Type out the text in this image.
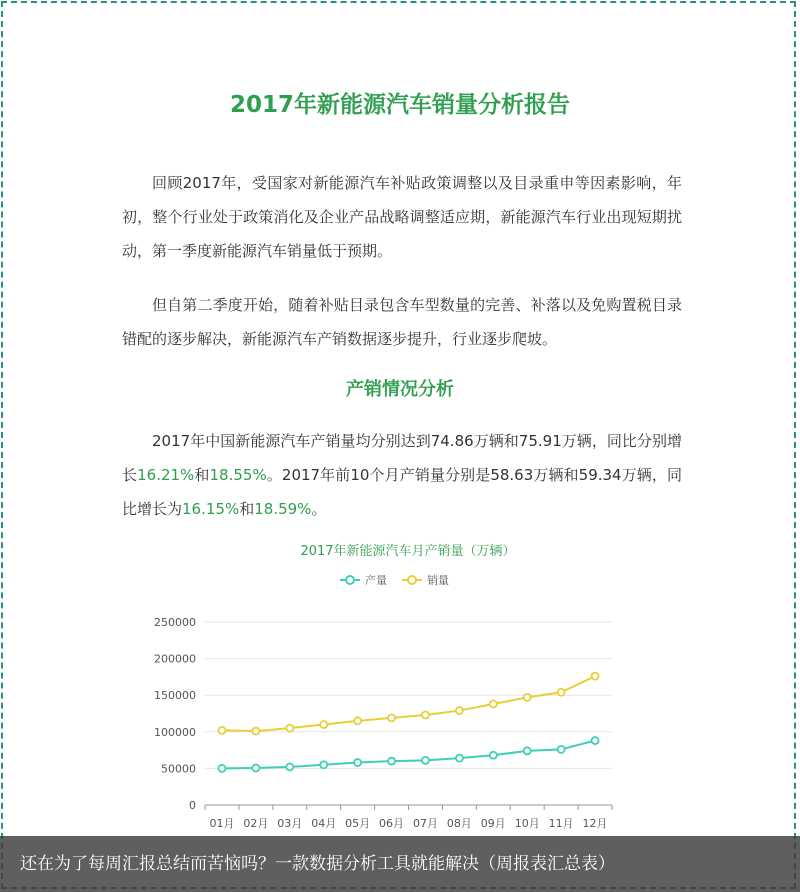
2017年新能源汽车销量分析报告

回顾2017年，受国家对新能源汽车补贴政策调整以及目录重申等因素影响，年初，整个行业处于政策消化及企业产品战略调整适应期，新能源汽车行业出现短期扰动，第一季度新能源汽车销量低于预期。

但自第二季度开始，随着补贴目录包含车型数量的完善、补落以及免购置税目录错配的逐步解决，新能源汽车产销数据逐步提升，行业逐步爬坡。

产销情况分析

2017年中国新能源汽车产销量均分别达到74.86万辆和75.91万辆，同比分别增长16.21%和18.55%。2017年前10个月产销量分别是58.63万辆和59.34万辆，同比增长为16.15%和18.59%。

2017年新能源汽车月产销量（万辆）
产量	销量
0
50000
100000
150000
200000
250000
01月 02月 03月 04月 05月 06月 07月 08月 09月 10月 11月 12月
还在为了每周汇报总结而苦恼吗？一款数据分析工具就能解决（周报表汇总表）
